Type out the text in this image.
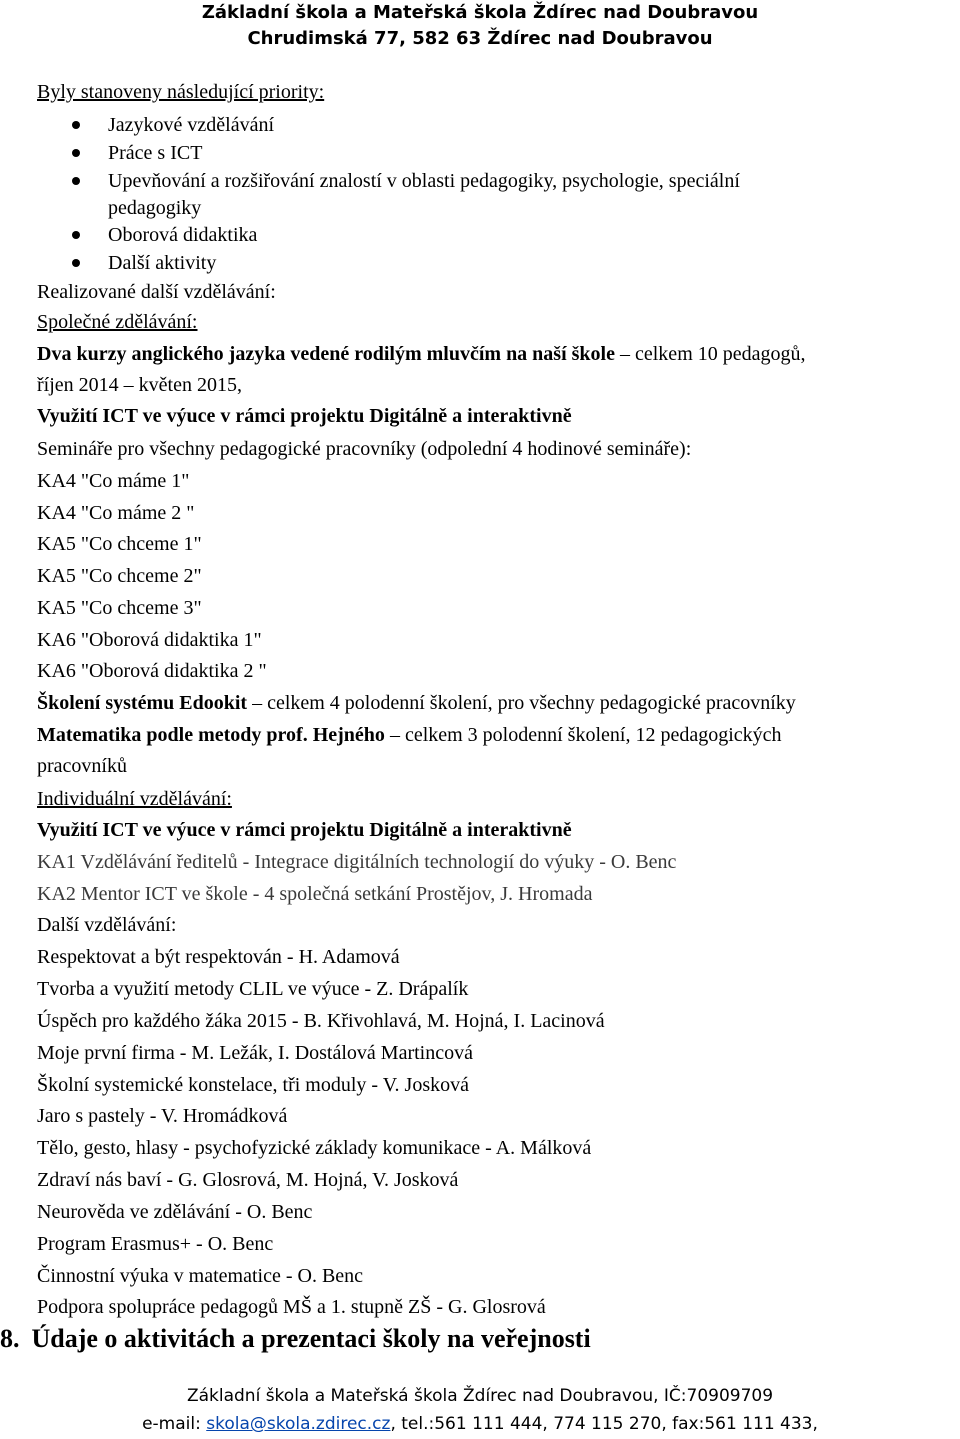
Základní škola a Mateřská škola Ždírec nad Doubravou
Chrudimská 77, 582 63 Ždírec nad Doubravou
Byly stanoveny následující priority:
Jazykové vzdělávání
Práce s ICT
Upevňování a rozšiřování znalostí v oblasti pedagogiky, psychologie, speciální
pedagogiky
Oborová didaktika
Další aktivity
Realizované další vzdělávání:
Společné zdělávání:
Dva kurzy anglického jazyka vedené rodilým mluvčím na naší škole – celkem 10 pedagogů,
říjen 2014 – květen 2015,
Využití ICT ve výuce v rámci projektu Digitálně a interaktivně
Semináře pro všechny pedagogické pracovníky (odpolední 4 hodinové semináře):
KA4 "Co máme 1"
KA4 "Co máme 2 "
KA5 "Co chceme 1"
KA5 "Co chceme 2"
KA5 "Co chceme 3"
KA6 "Oborová didaktika 1"
KA6 "Oborová didaktika 2 "
Školení systému Edookit – celkem 4 polodenní školení, pro všechny pedagogické pracovníky
Matematika podle metody prof. Hejného – celkem 3 polodenní školení, 12 pedagogických
pracovníků
Individuální vzdělávání:
Využití ICT ve výuce v rámci projektu Digitálně a interaktivně
KA1 Vzdělávání ředitelů - Integrace digitálních technologií do výuky - O. Benc
KA2 Mentor ICT ve škole - 4 společná setkání Prostějov, J. Hromada
Další vzdělávání:
Respektovat a být respektován - H. Adamová
Tvorba a využití metody CLIL ve výuce - Z. Drápalík
Úspěch pro každého žáka 2015 - B. Křivohlavá, M. Hojná, I. Lacinová
Moje první firma - M. Ležák, I. Dostálová Martincová
Školní systemické konstelace, tři moduly - V. Josková
Jaro s pastely - V. Hromádková
Tělo, gesto, hlasy - psychofyzické základy komunikace - A. Málková
Zdraví nás baví - G. Glosrová, M. Hojná, V. Josková
Neurověda ve zdělávání - O. Benc
Program Erasmus+ - O. Benc
Činnostní výuka v matematice - O. Benc
Podpora spolupráce pedagogů MŠ a 1. stupně ZŠ - G. Glosrová
8. Údaje o aktivitách a prezentaci školy na veřejnosti
Základní škola a Mateřská škola Ždírec nad Doubravou, IČ:70909709
e-mail: skola@skola.zdirec.cz, tel.:561 111 444, 774 115 270, fax:561 111 433,
